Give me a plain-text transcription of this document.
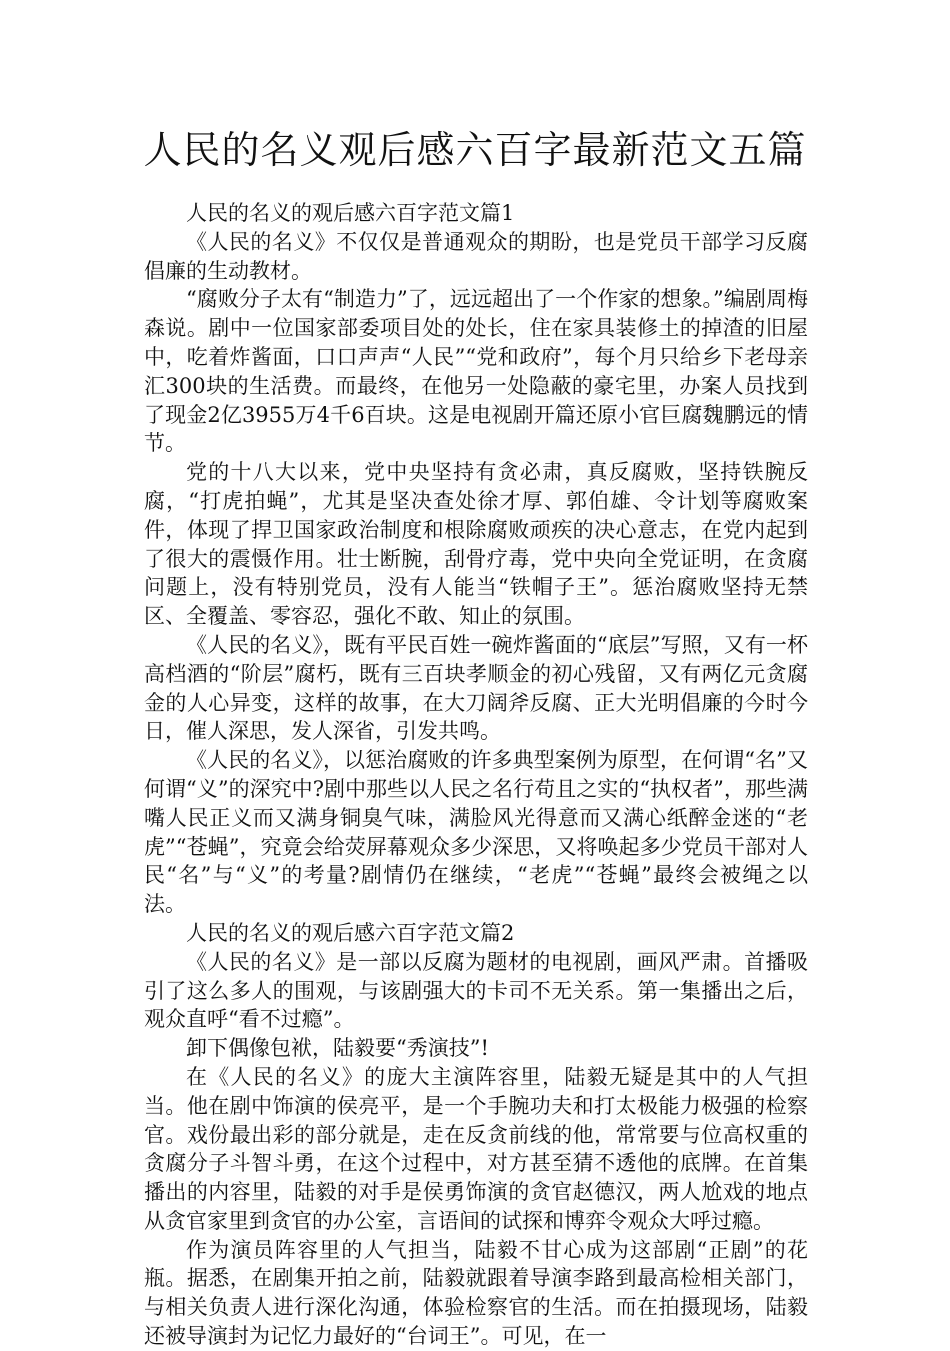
人民的名义观后感六百字最新范文五篇

人民的名义的观后感六百字范文篇1

《人民的名义》不仅仅是普通观众的期盼，也是党员干部学习反腐倡廉的生动教材。

“腐败分子太有“制造力”了，远远超出了一个作家的想象。”编剧周梅森说。剧中一位国家部委项目处的处长，住在家具装修土的掉渣的旧屋中，吃着炸酱面，口口声声“人民”“党和政府”，每个月只给乡下老母亲汇300块的生活费。而最终，在他另一处隐蔽的豪宅里，办案人员找到了现金2亿3955万4千6百块。这是电视剧开篇还原小官巨腐魏鹏远的情节。

党的十八大以来，党中央坚持有贪必肃，真反腐败，坚持铁腕反腐，“打虎拍蝇”，尤其是坚决查处徐才厚、郭伯雄、令计划等腐败案件，体现了捍卫国家政治制度和根除腐败顽疾的决心意志，在党内起到了很大的震慑作用。壮士断腕，刮骨疗毒，党中央向全党证明，在贪腐问题上，没有特别党员，没有人能当“铁帽子王”。惩治腐败坚持无禁区、全覆盖、零容忍，强化不敢、知止的氛围。

《人民的名义》，既有平民百姓一碗炸酱面的“底层”写照，又有一杯高档酒的“阶层”腐朽，既有三百块孝顺金的初心残留，又有两亿元贪腐金的人心异变，这样的故事，在大刀阔斧反腐、正大光明倡廉的今时今日，催人深思，发人深省，引发共鸣。

《人民的名义》，以惩治腐败的许多典型案例为原型，在何谓“名”又何谓“义”的深究中?剧中那些以人民之名行苟且之实的“执权者”，那些满嘴人民正义而又满身铜臭气味，满脸风光得意而又满心纸醉金迷的“老虎”“苍蝇”，究竟会给荧屏幕观众多少深思，又将唤起多少党员干部对人民“名”与“义”的考量?剧情仍在继续，“老虎”“苍蝇”最终会被绳之以法。

人民的名义的观后感六百字范文篇2

《人民的名义》是一部以反腐为题材的电视剧，画风严肃。首播吸引了这么多人的围观，与该剧强大的卡司不无关系。第一集播出之后，观众直呼“看不过瘾”。

卸下偶像包袱，陆毅要“秀演技”!

在《人民的名义》的庞大主演阵容里，陆毅无疑是其中的人气担当。他在剧中饰演的侯亮平，是一个手腕功夫和打太极能力极强的检察官。戏份最出彩的部分就是，走在反贪前线的他，常常要与位高权重的贪腐分子斗智斗勇，在这个过程中，对方甚至猜不透他的底牌。在首集播出的内容里，陆毅的对手是侯勇饰演的贪官赵德汉，两人尬戏的地点从贪官家里到贪官的办公室，言语间的试探和博弈令观众大呼过瘾。

作为演员阵容里的人气担当，陆毅不甘心成为这部剧“正剧”的花瓶。据悉，在剧集开拍之前，陆毅就跟着导演李路到最高检相关部门，与相关负责人进行深化沟通，体验检察官的生活。而在拍摄现场，陆毅还被导演封为记忆力最好的“台词王”。可见，在一
